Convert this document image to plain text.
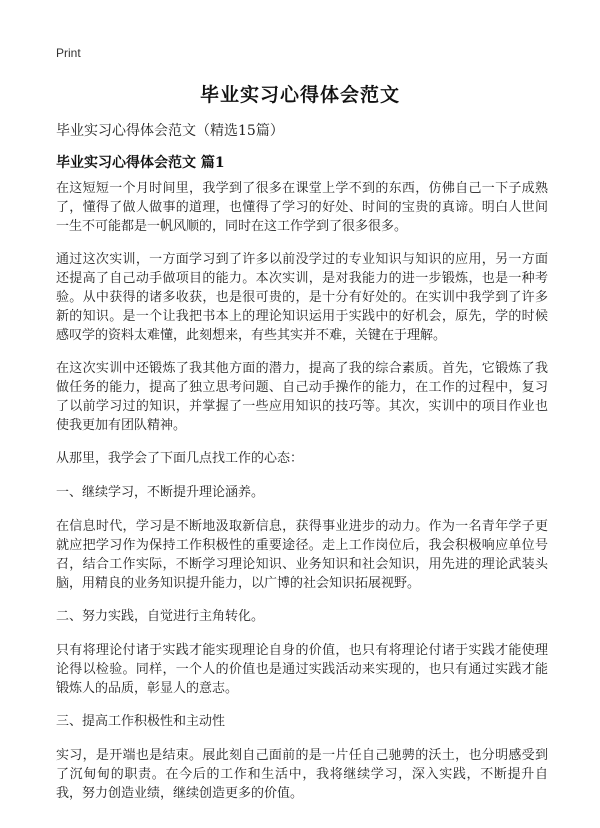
Print
毕业实习心得体会范文
毕业实习心得体会范文（精选15篇）
毕业实习心得体会范文 篇1

在这短短一个月时间里，我学到了很多在课堂上学不到的东西，仿佛自己一下子成熟了，懂得了做人做事的道理，也懂得了学习的好处、时间的宝贵的真谛。明白人世间一生不可能都是一帆风顺的，同时在这工作学到了很多很多。

通过这次实训，一方面学习到了许多以前没学过的专业知识与知识的应用，另一方面还提高了自己动手做项目的能力。本次实训，是对我能力的进一步锻炼，也是一种考验。从中获得的诸多收获，也是很可贵的，是十分有好处的。在实训中我学到了许多新的知识。是一个让我把书本上的理论知识运用于实践中的好机会，原先，学的时候感叹学的资料太难懂，此刻想来，有些其实并不难，关键在于理解。

在这次实训中还锻炼了我其他方面的潜力，提高了我的综合素质。首先，它锻炼了我做任务的能力，提高了独立思考问题、自己动手操作的能力，在工作的过程中，复习了以前学习过的知识，并掌握了一些应用知识的技巧等。其次，实训中的项目作业也使我更加有团队精神。

从那里，我学会了下面几点找工作的心态：

一、继续学习，不断提升理论涵养。

在信息时代，学习是不断地汲取新信息，获得事业进步的动力。作为一名青年学子更就应把学习作为保持工作积极性的重要途径。走上工作岗位后，我会积极响应单位号召，结合工作实际，不断学习理论知识、业务知识和社会知识，用先进的理论武装头脑，用精良的业务知识提升能力，以广博的社会知识拓展视野。

二、努力实践，自觉进行主角转化。

只有将理论付诸于实践才能实现理论自身的价值，也只有将理论付诸于实践才能使理论得以检验。同样，一个人的价值也是通过实践活动来实现的，也只有通过实践才能锻炼人的品质，彰显人的意志。

三、提高工作积极性和主动性

实习，是开端也是结束。展此刻自己面前的是一片任自己驰骋的沃土，也分明感受到了沉甸甸的职责。在今后的工作和生活中，我将继续学习，深入实践，不断提升自我，努力创造业绩，继续创造更多的价值。
